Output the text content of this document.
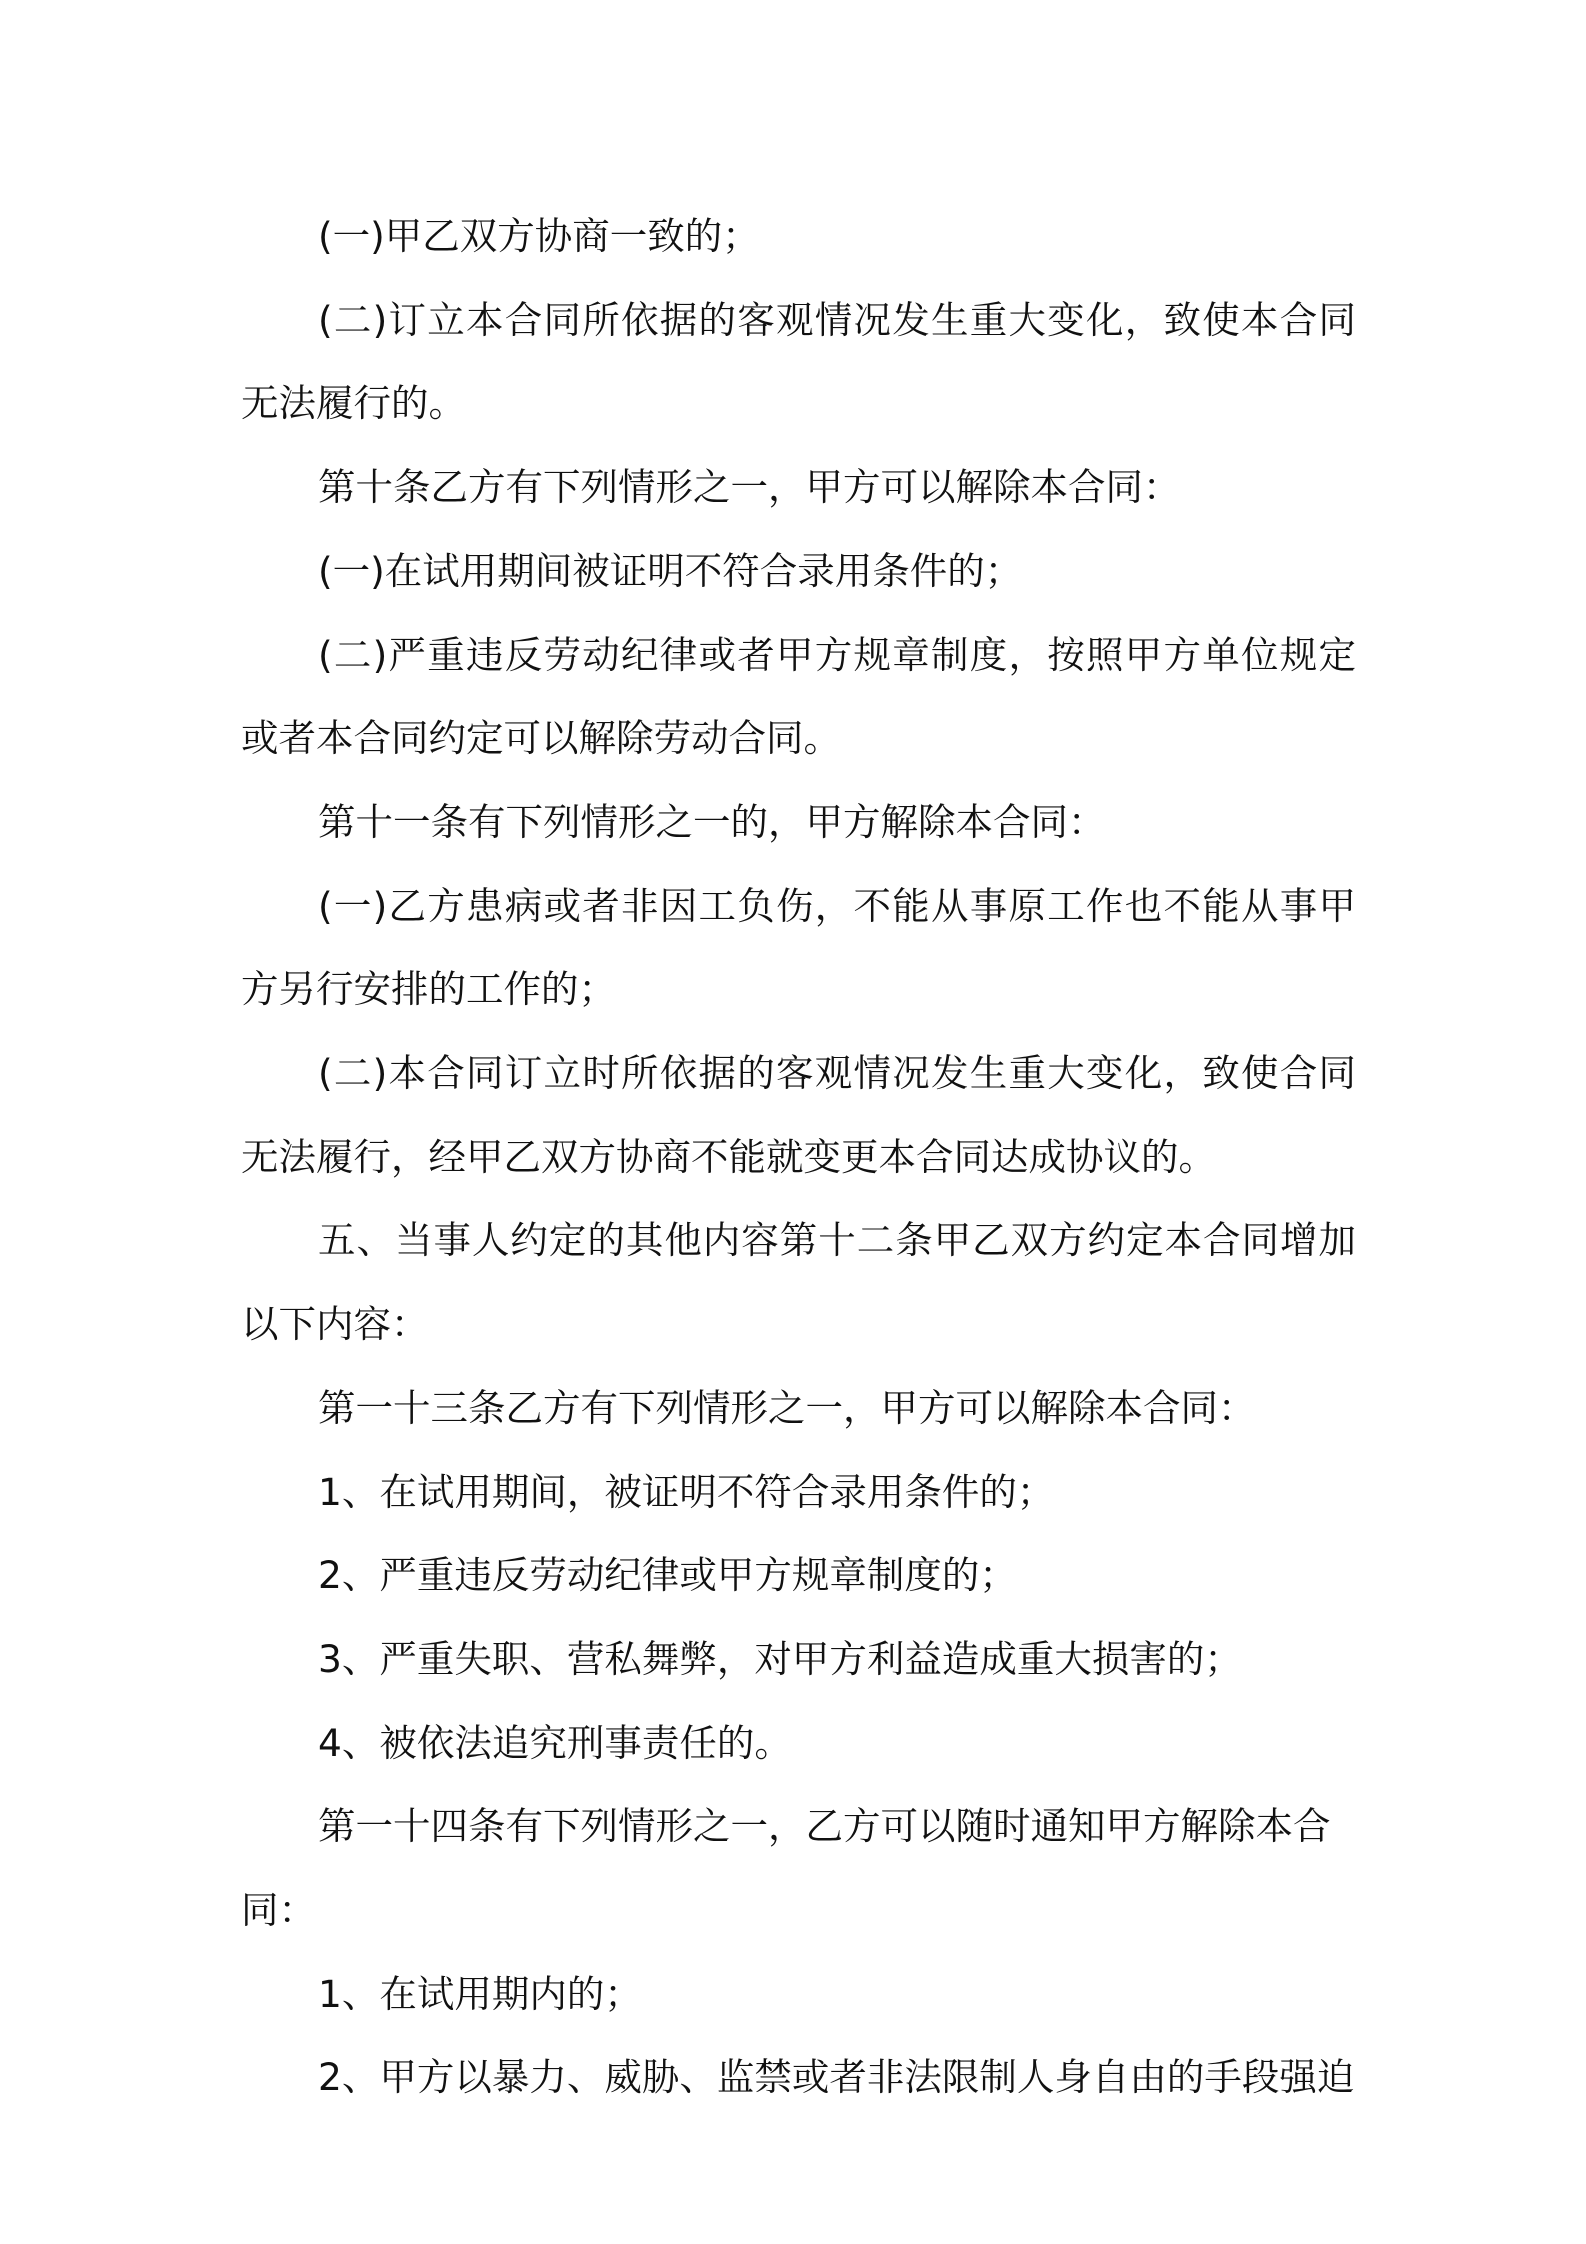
(一)甲乙双方协商一致的；

(二)订立本合同所依据的客观情况发生重大变化，致使本合同无法履行的。

第十条乙方有下列情形之一，甲方可以解除本合同：

(一)在试用期间被证明不符合录用条件的；

(二)严重违反劳动纪律或者甲方规章制度，按照甲方单位规定或者本合同约定可以解除劳动合同。

第十一条有下列情形之一的，甲方解除本合同：

(一)乙方患病或者非因工负伤，不能从事原工作也不能从事甲方另行安排的工作的；

(二)本合同订立时所依据的客观情况发生重大变化，致使合同无法履行，经甲乙双方协商不能就变更本合同达成协议的。

五、当事人约定的其他内容第十二条甲乙双方约定本合同增加以下内容：

第一十三条乙方有下列情形之一，甲方可以解除本合同：

1、在试用期间，被证明不符合录用条件的；

2、严重违反劳动纪律或甲方规章制度的；

3、严重失职、营私舞弊，对甲方利益造成重大损害的；

4、被依法追究刑事责任的。

第一十四条有下列情形之一，乙方可以随时通知甲方解除本合同：

1、在试用期内的；

2、甲方以暴力、威胁、监禁或者非法限制人身自由的手段强迫
